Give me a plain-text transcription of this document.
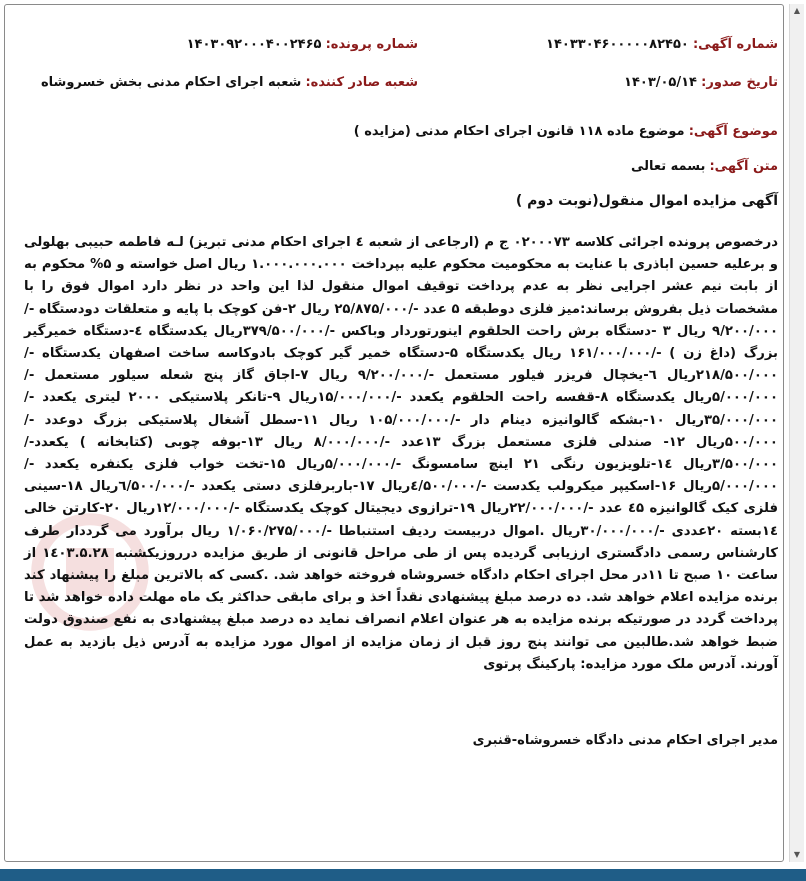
▲
▼
شماره آگهی: ۱۴۰۳۳۰۴۶۰۰۰۰۰۸۲۴۵۰
شماره پرونده: ۱۴۰۳۰۹۲۰۰۰۴۰۰۲۴۶۵
تاریخ صدور: ۱۴۰۳/۰۵/۱۴
شعبه صادر کننده: شعبه اجرای احکام مدنی بخش خسروشاه
موضوع آگهی: موضوع ماده ۱۱۸ قانون اجرای احکام مدنی (مزایده )
متن آگهی: بسمه تعالی
آگهی مزایده اموال منقول(نوبت دوم )

درخصوص پرونده اجرائی کلاسه ۰۲۰۰۰۷۳ ج م (ارجاعی از شعبه ٤ اجرای احکام مدنی تبریز) لـه فاطمه حبیبی بهلولی و برعلیه حسین اباذری با عنایت به محکومیت محکوم علیه بپرداخت ۱.۰۰۰.۰۰۰.۰۰۰ ریال اصل خواسته و ۵% محکوم به از بابت نیم عشر اجرایی نظر به عدم پرداخت توقیف اموال منقول لذا این واحد در نظر دارد اموال فوق را با مشخصات ذیل بفروش برساند:میز فلزی دوطبقه ۵ عدد -/۲۵/۸۷۵/۰۰۰ ریال ۲-فن کوچک با پایه و متعلقات دودستگاه -/۹/۲۰۰/۰۰۰ ریال ۳ -دستگاه برش راحت الحلقوم اینورتوردار وباکس -/۳۷۹/۵۰۰/۰۰۰ریال یکدستگاه ٤-دستگاه خمیرگیر بزرگ (داغ زن ) -/۱۶۱/۰۰۰/۰۰۰ ریال یکدستگاه ۵-دستگاه خمیر گیر کوچک بادوکاسه ساخت اصفهان یکدستگاه -/۲۱۸/۵۰۰/۰۰۰ریال ٦-یخچال فریزر فیلور مستعمل -/۹/۲۰۰/۰۰۰ ریال ۷-اجاق گاز پنج شعله سیلور مستعمل -/۵/۰۰۰/۰۰۰ریال یکدستگاه ۸-قفسه راحت الحلقوم یکعدد -/۱۵/۰۰۰/۰۰۰ریال ۹-تانکر پلاستیکی ۲۰۰۰ لیتری یکعدد -/۳۵/۰۰۰/۰۰۰ریال ۱۰-بشکه گالوانیزه دینام دار -/۱۰۵/۰۰۰/۰۰۰ ریال ۱۱-سطل آشغال پلاستیکی بزرگ دوعدد -/۵۰۰/۰۰۰ریال ۱۲- صندلی فلزی مستعمل بزرگ ۱۳عدد -/۸/۰۰۰/۰۰۰ ریال ۱۳-بوفه چوبی (کتابخانه ) یکعدد-/۳/۵۰۰/۰۰۰ریال ۱٤-تلویزیون رنگی ۲۱ اینچ سامسونگ -/۵/۰۰۰/۰۰۰ریال ۱۵-تخت خواب فلزی یکنفره یکعدد -/۵/۰۰۰/۰۰۰ریال ۱۶-اسکیپر میکرولب یکدست -/٤/۵۰۰/۰۰۰ریال ۱۷-باربرفلزی دستی یکعدد -/٦/۵۰۰/۰۰۰ریال ۱۸-سینی فلزی کیک گالوانیزه ٤۵ عدد -/۲۲/۰۰۰/۰۰۰ریال ۱۹-ترازوی دیجیتال کوچک یکدستگاه -/۱۲/۰۰۰/۰۰۰ریال ۲۰-کارتن خالی ۱٤بسته ۲۰عددی -/۳۰/۰۰۰/۰۰۰ریال .اموال دربیست ردیف استنباطا -/۱/۰۶۰/۲۷۵/۰۰۰ ریال برآورد می گرددار طرف کارشناس رسمی دادگستری ارزیابی گردیده پس از طی مراحل قانونی از طریق مزایده درروزیکشنبه ۱٤۰۳.۵.۲۸ از ساعت ۱۰ صبح تا ۱۱در محل اجرای احکام دادگاه خسروشاه فروخته خواهد شد. .کسی که بالاترین مبلغ را پیشنهاد کند برنده مزایده اعلام خواهد شد. ده درصد مبلغ پیشنهادی نقداً اخذ و برای مابقی حداکثر یک ماه مهلت داده خواهد شد تا پرداخت گردد در صورتیکه برنده مزایده به هر عنوان اعلام انصراف نماید ده درصد مبلغ پیشنهادی به نفع صندوق دولت ضبط خواهد شد.طالبین می توانند پنج روز قبل از زمان مزایده از اموال مورد مزایده به آدرس ذیل بازدید به عمل آورند. آدرس ملک مورد مزایده: پارکینگ پرتوی

مدیر اجرای احکام مدنی دادگاه خسروشاه-قنبری
